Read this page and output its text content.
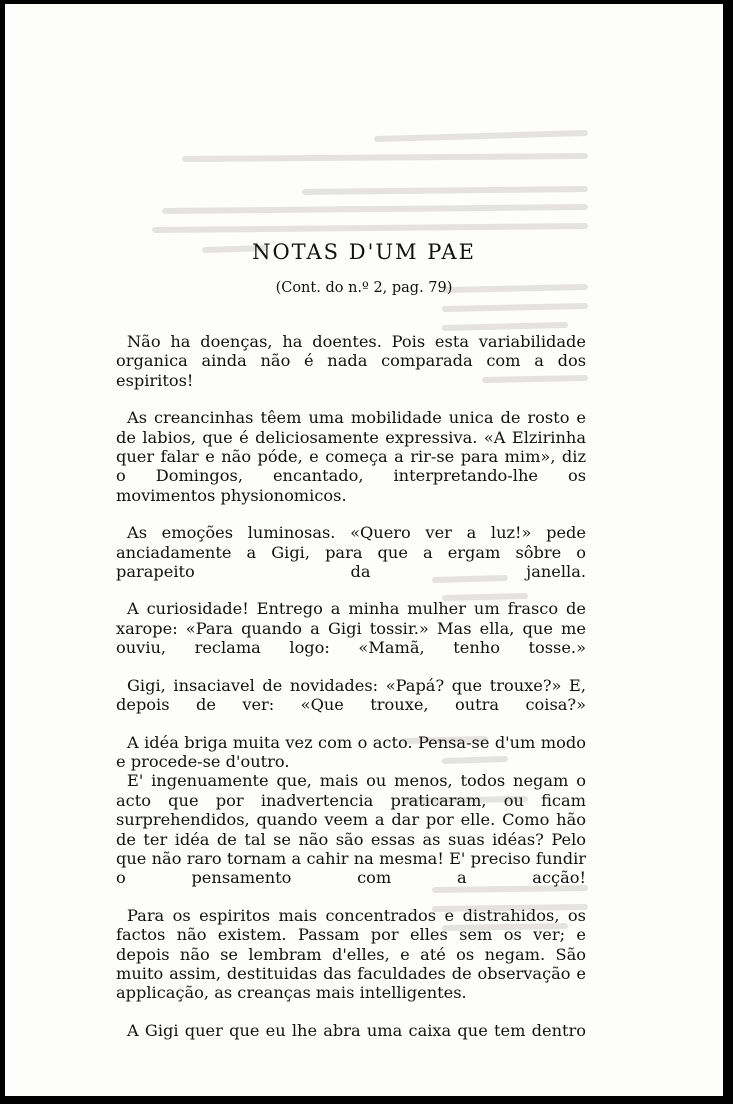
NOTAS D'UM PAE
(Cont. do n.º 2, pag. 79)

Não ha doenças, ha doentes. Pois esta variabilidade organica ainda não é nada comparada com a dos espiritos!

As creancinhas têem uma mobilidade unica de rosto e de labios, que é deliciosamente expressiva. «A Elzirinha quer falar e não póde, e começa a rir-se para mim», diz o Domingos, encantado, interpretando-lhe os movimentos physionomicos.

As emoções luminosas. «Quero ver a luz!» pede anciadamente a Gigi, para que a ergam sôbre o parapeito da janella.

A curiosidade! Entrego a minha mulher um frasco de xarope: «Para quando a Gigi tossir.» Mas ella, que me ouviu, reclama logo: «Mamã, tenho tosse.»

Gigi, insaciavel de novidades: «Papá? que trouxe?» E, depois de ver: «Que trouxe, outra coisa?»

A idéa briga muita vez com o acto. Pensa-se d'um modo e procede-se d'outro.

E' ingenuamente que, mais ou menos, todos negam o acto que por inadvertencia praticaram, ou ficam surprehendidos, quando veem a dar por elle. Como hão de ter idéa de tal se não são essas as suas idéas? Pelo que não raro tornam a cahir na mesma! E' preciso fundir o pensamento com a acção!

Para os espiritos mais concentrados e distrahidos, os factos não existem. Passam por elles sem os ver; e depois não se lembram d'elles, e até os negam. São muito assim, destituidas das faculdades de observação e applicação, as creanças mais intelligentes.

A Gigi quer que eu lhe abra uma caixa que tem dentro
